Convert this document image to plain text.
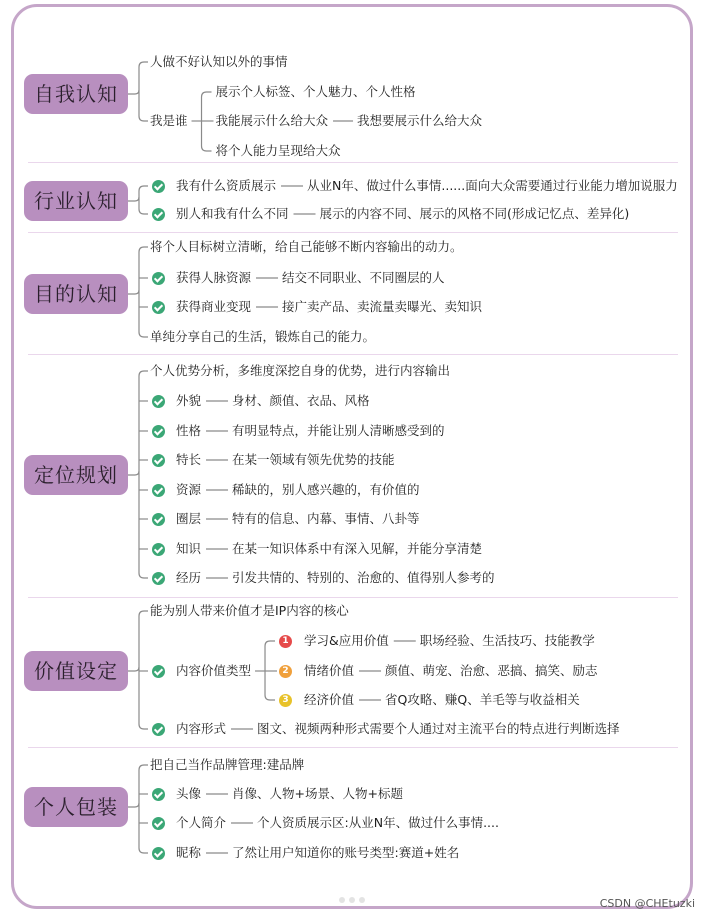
自我认知
人做不好认知以外的事情
我是谁
展示个人标签、个人魅力、个人性格
我能展示什么给大众 我想要展示什么给大众
将个人能力呈现给大众
行业认知
我有什么资质展示 从业N年、做过什么事情......面向大众需要通过行业能力增加说服力
别人和我有什么不同 展示的内容不同、展示的风格不同(形成记忆点、差异化)
目的认知
将个人目标树立清晰，给自己能够不断内容输出的动力。
获得人脉资源 结交不同职业、不同圈层的人
获得商业变现 接广卖产品、卖流量卖曝光、卖知识
单纯分享自己的生活，锻炼自己的能力。
定位规划
个人优势分析，多维度深挖自身的优势，进行内容输出
外貌 身材、颜值、衣品、风格
性格 有明显特点，并能让别人清晰感受到的
特长 在某一领域有领先优势的技能
资源 稀缺的，别人感兴趣的，有价值的
圈层 特有的信息、内幕、事情、八卦等
知识 在某一知识体系中有深入见解，并能分享清楚
经历 引发共情的、特别的、治愈的、值得别人参考的
价值设定
能为别人带来价值才是IP内容的核心
内容价值类型
1 学习&应用价值 职场经验、生活技巧、技能教学
2 情绪价值 颜值、萌宠、治愈、恶搞、搞笑、励志
3 经济价值 省Q攻略、赚Q、羊毛等与收益相关
内容形式 图文、视频两种形式需要个人通过对主流平台的特点进行判断选择
个人包装
把自己当作品牌管理:建品牌
头像 肖像、人物+场景、人物+标题
个人简介 个人资质展示区:从业N年、做过什么事情....
昵称 了然让用户知道你的账号类型:赛道+姓名
CSDN @CHEtuzki
